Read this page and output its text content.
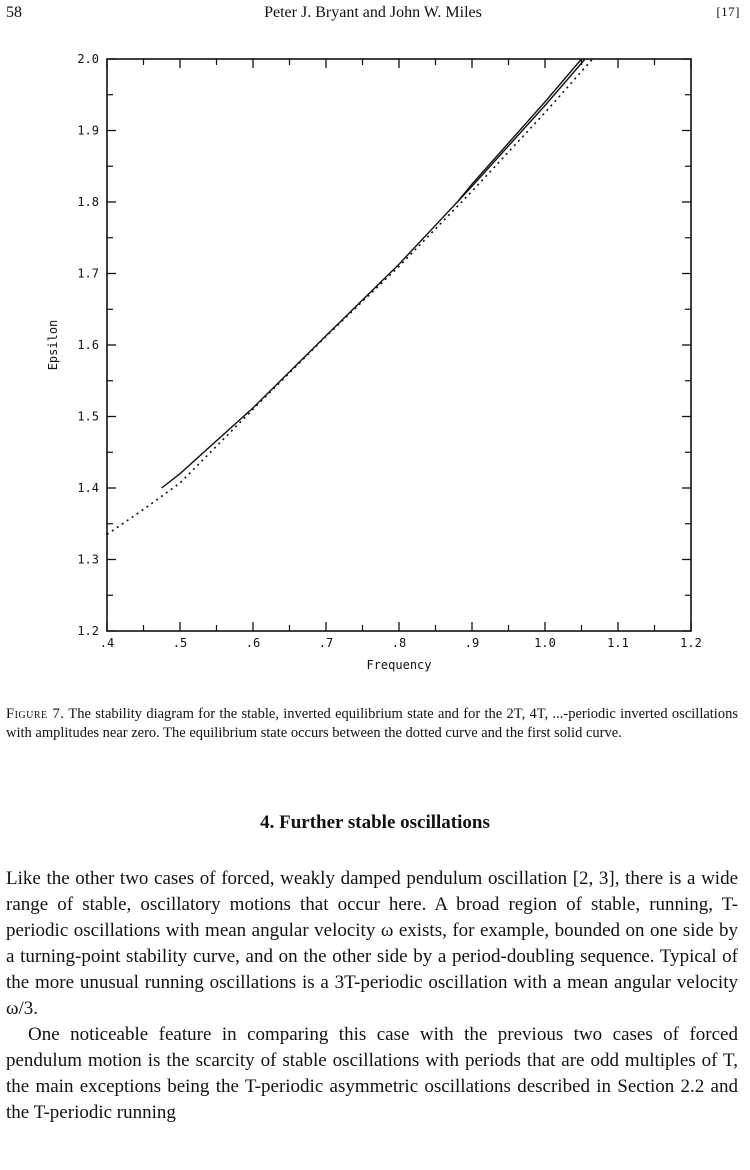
58	Peter J. Bryant and John W. Miles	[17]
.4	.5	.6	.7	.8	.9	1.0	1.1	1.2
1.2
1.3
1.4
1.5
1.6
1.7
1.8
1.9
2.0
Frequency
Epsilon
Figure 7. The stability diagram for the stable, inverted equilibrium state and for the 2T, 4T, ...-periodic inverted oscillations with amplitudes near zero. The equilibrium state occurs between the dotted curve and the first solid curve.
4. Further stable oscillations

Like the other two cases of forced, weakly damped pendulum oscillation [2, 3], there is a wide range of stable, oscillatory motions that occur here. A broad region of stable, running, T-periodic oscillations with mean angular velocity ω exists, for example, bounded on one side by a turning-point stability curve, and on the other side by a period-doubling sequence. Typical of the more unusual running oscillations is a 3T-periodic oscillation with a mean angular velocity ω/3.

One noticeable feature in comparing this case with the previous two cases of forced pendulum motion is the scarcity of stable oscillations with periods that are odd multiples of T, the main exceptions being the T-periodic asymmetric oscillations described in Section 2.2 and the T-periodic running
